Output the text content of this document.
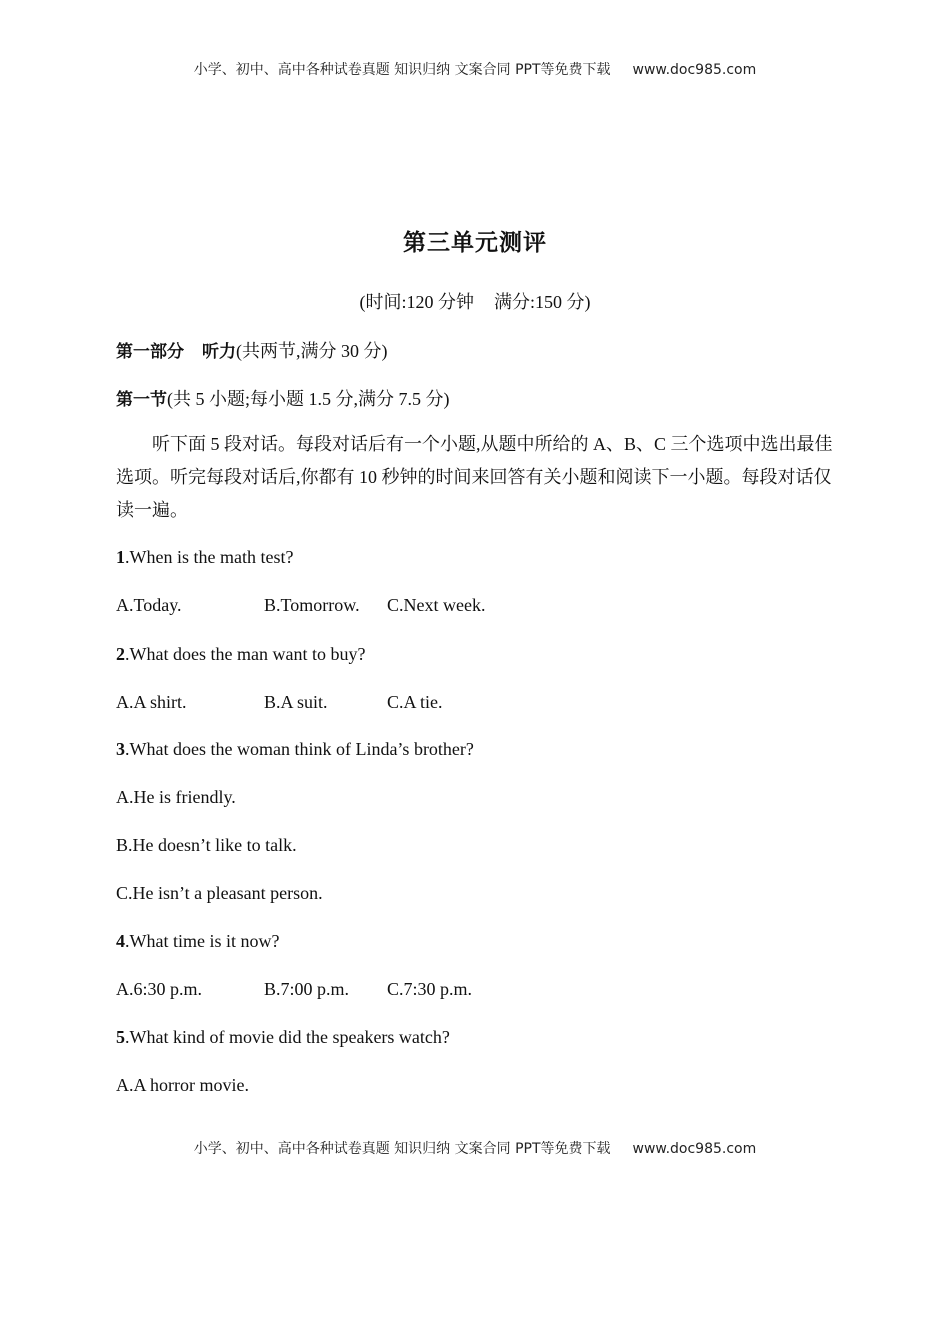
小学、初中、高中各种试卷真题 知识归纳 文案合同 PPT等免费下载 www.doc985.com
第三单元测评
(时间:120 分钟 满分:150 分)
第一部分 听力(共两节,满分 30 分)
第一节(共 5 小题;每小题 1.5 分,满分 7.5 分)
听下面 5 段对话。每段对话后有一个小题,从题中所给的 A、B、C 三个选项中选出最佳选项。听完每段对话后,你都有 10 秒钟的时间来回答有关小题和阅读下一小题。每段对话仅读一遍。
1.When is the math test?
A.Today.	B.Tomorrow. C.Next week.
2.What does the man want to buy?
A.A shirt.	B.A suit.	C.A tie.
3.What does the woman think of Linda’s brother?
A.He is friendly.
B.He doesn’t like to talk.
C.He isn’t a pleasant person.
4.What time is it now?
A.6:30 p.m.	B.7:00 p.m. C.7:30 p.m.
5.What kind of movie did the speakers watch?
A.A horror movie.
小学、初中、高中各种试卷真题 知识归纳 文案合同 PPT等免费下载 www.doc985.com
